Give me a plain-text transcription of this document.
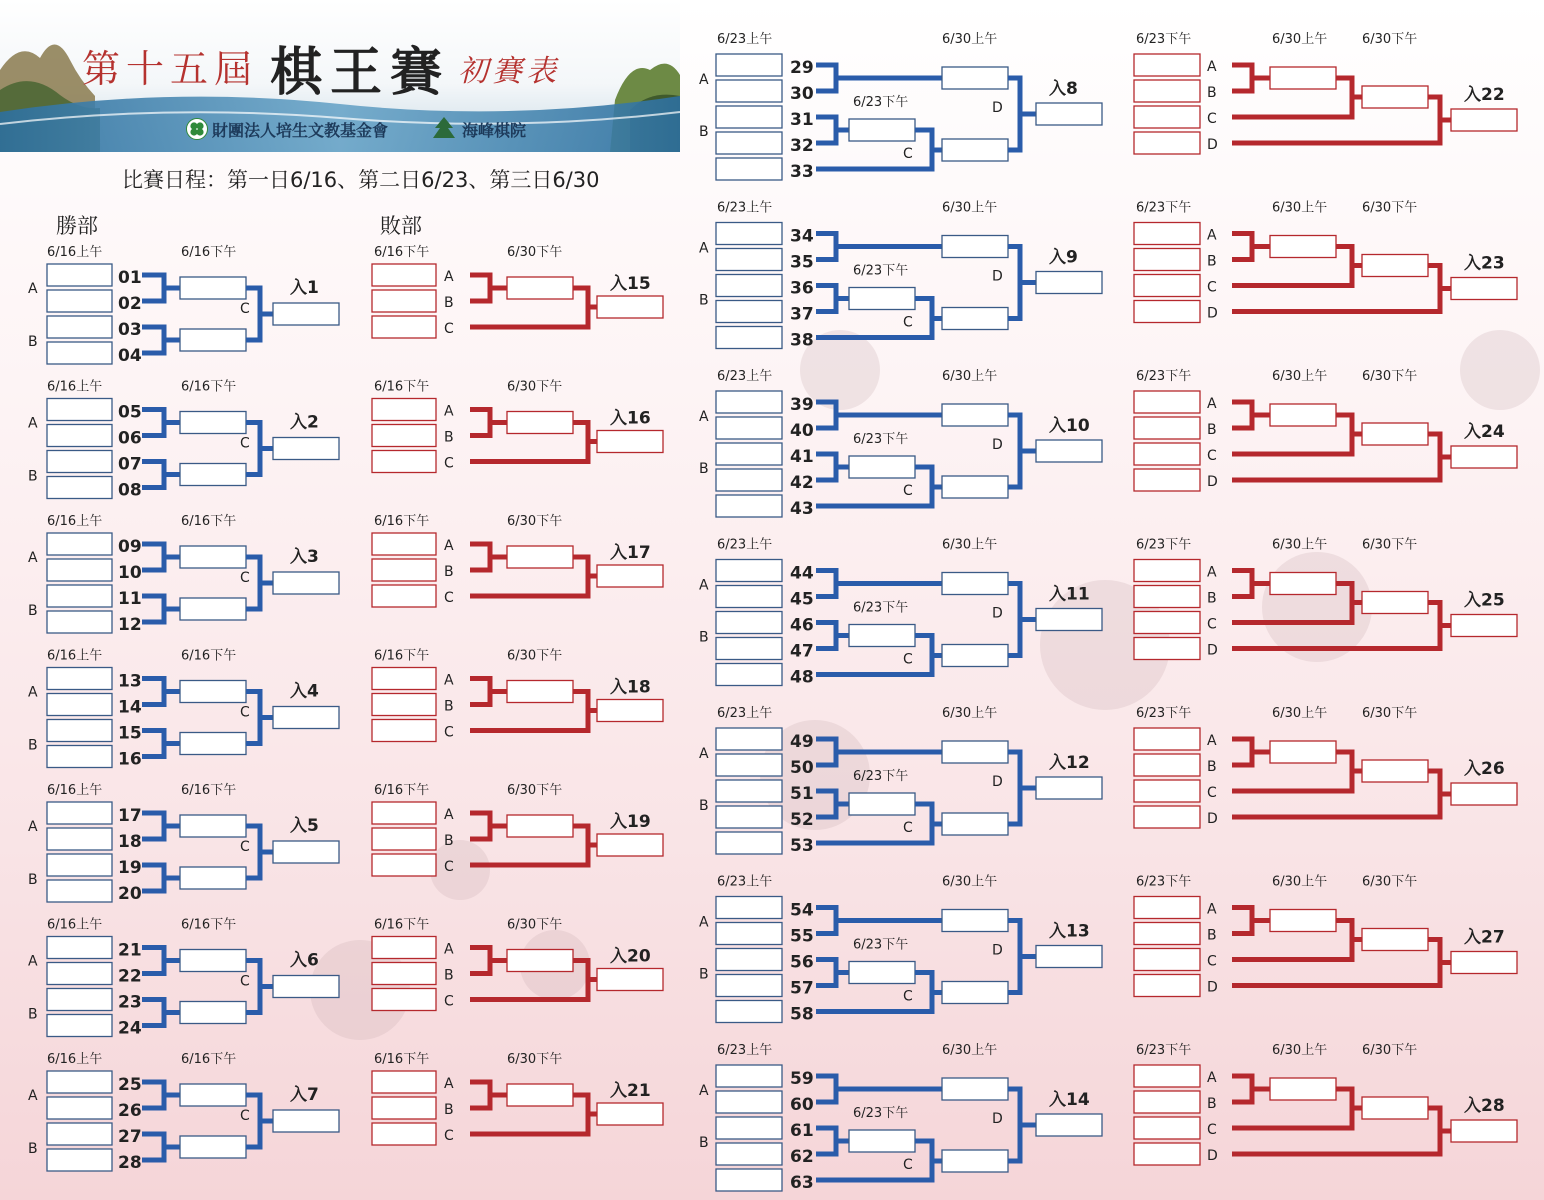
第十五屆 棋王賽 初賽表
財團法人培生文教基金會	海峰棋院
比賽日程：第一日6/16、第二日6/23、第三日6/30
勝部	敗部
6/16上午	6/16下午
A
B
01
02
03
04
C
入1
6/16上午	6/16下午
A
B
05
06
07
08
C
入2
6/16上午	6/16下午
A
B
09
10
11
12
C
入3
6/16上午	6/16下午
A
B
13
14
15
16
C
入4
6/16上午	6/16下午
A
B
17
18
19
20
C
入5
6/16上午	6/16下午
A
B
21
22
23
24
C
入6
6/16上午	6/16下午
A
B
25
26
27
28
C
入7
6/16下午	6/30下午
A
B
C
入15
6/16下午	6/30下午
A
B
C
入16
6/16下午	6/30下午
A
B
C
入17
6/16下午	6/30下午
A
B
C
入18
6/16下午	6/30下午
A
B
C
入19
6/16下午	6/30下午
A
B
C
入20
6/16下午	6/30下午
A
B
C
入21
6/23上午	6/30上午
6/23下午
A
B
29
30
31
32
33
C
D
入8
6/23上午	6/30上午
6/23下午
A
B
34
35
36
37
38
C
D
入9
6/23上午	6/30上午
6/23下午
A
B
39
40
41
42
43
C
D
入10
6/23上午	6/30上午
6/23下午
A
B
44
45
46
47
48
C
D
入11
6/23上午	6/30上午
6/23下午
A
B
49
50
51
52
53
C
D
入12
6/23上午	6/30上午
6/23下午
A
B
54
55
56
57
58
C
D
入13
6/23上午	6/30上午
6/23下午
A
B
59
60
61
62
63
C
D
入14
6/23下午	6/30上午	6/30下午
A
B
C
D
入22
6/23下午	6/30上午	6/30下午
A
B
C
D
入23
6/23下午	6/30上午	6/30下午
A
B
C
D
入24
6/23下午	6/30上午	6/30下午
A
B
C
D
入25
6/23下午	6/30上午	6/30下午
A
B
C
D
入26
6/23下午	6/30上午	6/30下午
A
B
C
D
入27
6/23下午	6/30上午	6/30下午
A
B
C
D
入28
